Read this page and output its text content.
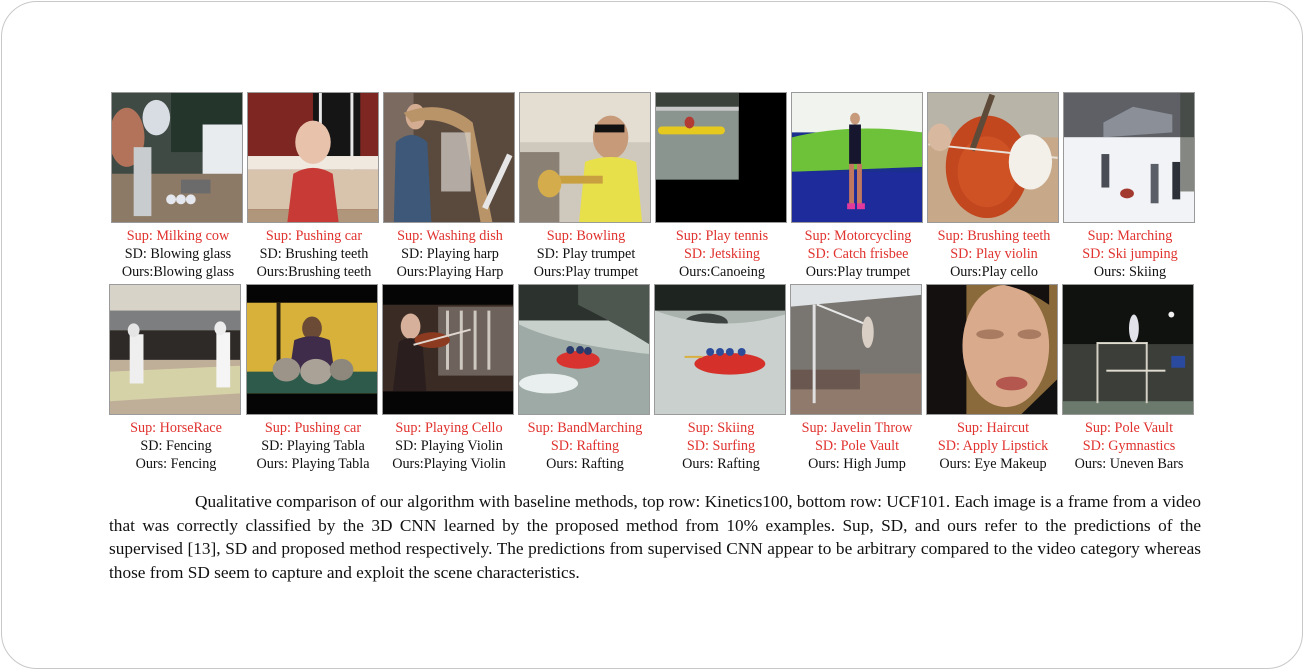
Sup: Milking cow
SD: Blowing glass
Ours:Blowing glass
Sup: Pushing car
SD: Brushing teeth
Ours:Brushing teeth
Sup: Washing dish
SD: Playing harp
Ours:Playing Harp
Sup: Bowling
SD: Play trumpet
Ours:Play trumpet
Sup: Play tennis
SD: Jetskiing
Ours:Canoeing
Sup: Motorcycling
SD: Catch frisbee
Ours:Play trumpet
Sup: Brushing teeth
SD: Play violin
Ours:Play cello
Sup: Marching
SD: Ski jumping
Ours: Skiing
Sup: HorseRace
SD: Fencing
Ours: Fencing
Sup: Pushing car
SD: Playing Tabla
Ours: Playing Tabla
Sup: Playing Cello
SD: Playing Violin
Ours:Playing Violin
Sup: BandMarching
SD: Rafting
Ours: Rafting
Sup: Skiing
SD: Surfing
Ours: Rafting
Sup: Javelin Throw
SD: Pole Vault
Ours: High Jump
Sup: Haircut
SD: Apply Lipstick
Ours: Eye Makeup
Sup: Pole Vault
SD: Gymnastics
Ours: Uneven Bars
Qualitative comparison of our algorithm with baseline methods, top row: Kinetics100, bottom row: UCF101. Each image is a frame from a video that was correctly classified by the 3D CNN learned by the proposed method from 10% examples. Sup, SD, and ours refer to the predictions of the supervised [13], SD and proposed method respectively. The predictions from supervised CNN appear to be arbitrary compared to the video category whereas those from SD seem to capture and exploit the scene characteristics.
